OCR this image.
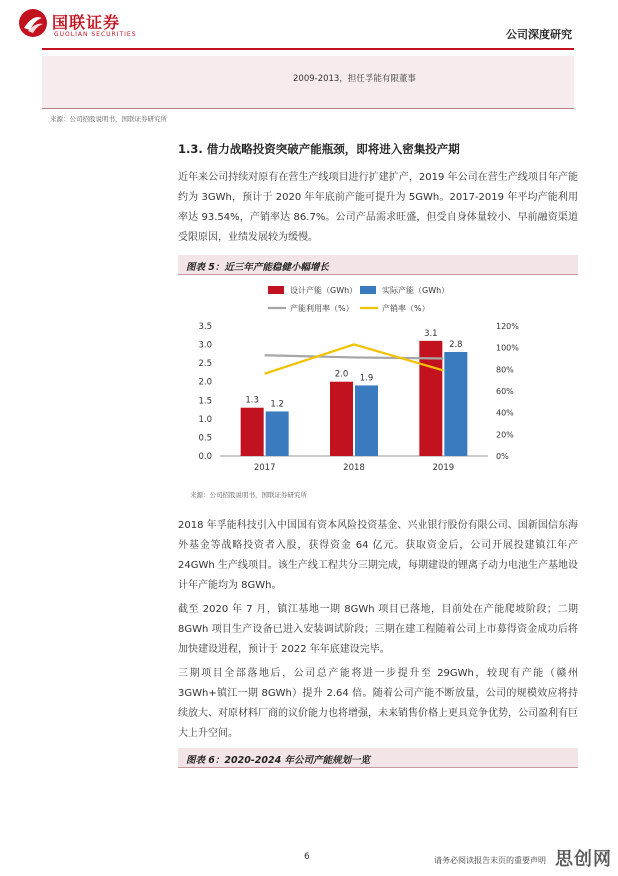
国联证券
GUOLIAN SECURITIES	公司深度研究
2009-2013，担任孚能有限董事
来源：公司招股说明书，国联证券研究所
1.3. 借力战略投资突破产能瓶颈，即将进入密集投产期
近年来公司持续对原有在营生产线项目进行扩建扩产，2019 年公司在营生产线项目年产能约为 3GWh，预计于 2020 年年底前产能可提升为 5GWh。2017-2019 年平均产能利用率达 93.54%，产销率达 86.7%。公司产品需求旺盛，但受自身体量较小、早前融资渠道受限原因，业绩发展较为缓慢。
图表 5：近三年产能稳健小幅增长
0.0
0.5
1.0
1.5
2.0
2.5
3.0
3.5
0%
20%
40%
60%
80%
100%
120%
2017	2018	2019
1.3
2.0
3.1
1.2
1.9
2.8
设计产能（GWh）	实际产能（GWh）
产能利用率（%）	产销率（%）
来源：公司招股说明书，国联证券研究所
2018 年孚能科技引入中国国有资本风险投资基金、兴业银行股份有限公司、国新国信东海外基金等战略投资者入股，获得资金 64 亿元。获取资金后，公司开展投建镇江年产 24GWh 生产线项目。该生产线工程共分三期完成，每期建设的锂离子动力电池生产基地设计年产能均为 8GWh。
截至 2020 年 7 月，镇江基地一期 8GWh 项目已落地，目前处在产能爬坡阶段；二期 8GWh 项目生产设备已进入安装调试阶段；三期在建工程随着公司上市募得资金成功后将加快建设进程，预计于 2022 年年底建设完毕。
三期项目全部落地后，公司总产能将进一步提升至 29GWh，较现有产能（赣州 3GWh+镇江一期 8GWh）提升 2.64 倍。随着公司产能不断放量，公司的规模效应将持续放大、对原材料厂商的议价能力也将增强，未来销售价格上更具竞争优势，公司盈利有巨大上升空间。
图表 6：2020-2024 年公司产能规划一览
6	请务必阅读报告末页的重要声明 思创网
